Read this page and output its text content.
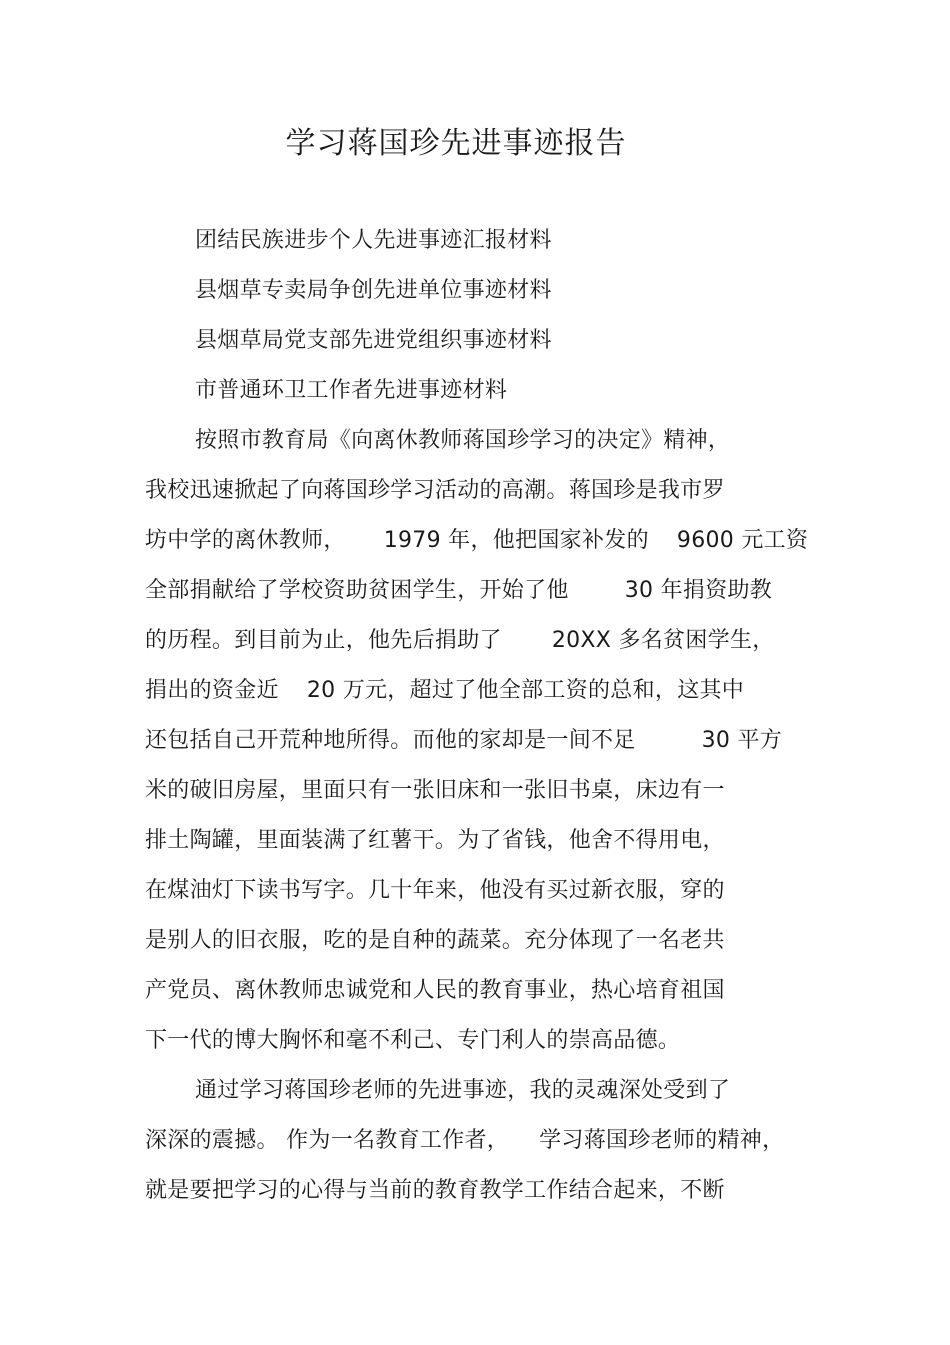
学习蒋国珍先进事迹报告
团结民族进步个人先进事迹汇报材料
县烟草专卖局争创先进单位事迹材料
县烟草局党支部先进党组织事迹材料
市普通环卫工作者先进事迹材料
按照市教育局《向离休教师蒋国珍学习的决定》精神，
我校迅速掀起了向蒋国珍学习活动的高潮。蒋国珍是我市罗
坊中学的离休教师， 1979 年，他把国家补发的 9600 元工资
全部捐献给了学校资助贫困学生，开始了他	30 年捐资助教
的历程。到目前为止，他先后捐助了 20XX 多名贫困学生，
捐出的资金近 20 万元，超过了他全部工资的总和，这其中
还包括自己开荒种地所得。而他的家却是一间不足	30 平方
米的破旧房屋，里面只有一张旧床和一张旧书桌，床边有一
排土陶罐，里面装满了红薯干。为了省钱，他舍不得用电，
在煤油灯下读书写字。几十年来，他没有买过新衣服，穿的
是别人的旧衣服，吃的是自种的蔬菜。充分体现了一名老共
产党员、离休教师忠诚党和人民的教育事业，热心培育祖国
下一代的博大胸怀和毫不利己、专门利人的崇高品德。
通过学习蒋国珍老师的先进事迹，我的灵魂深处受到了
深深的震撼。 作为一名教育工作者， 学习蒋国珍老师的精神，
就是要把学习的心得与当前的教育教学工作结合起来，不断
